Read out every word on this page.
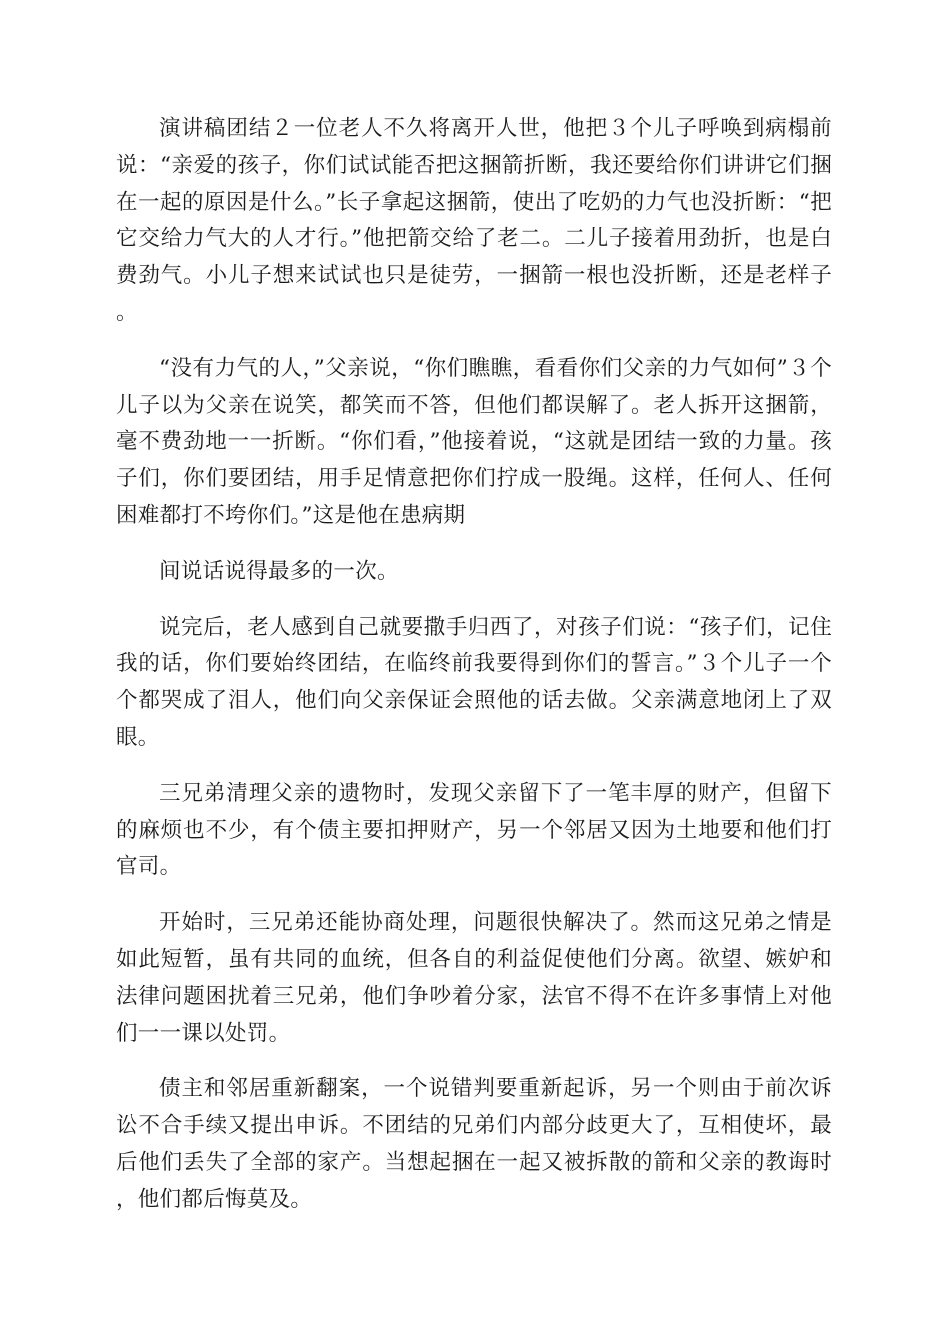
演讲稿团结２一位老人不久将离开人世，他把３个儿子呼唤到病榻前说：“亲爱的孩子，你们试试能否把这捆箭折断，我还要给你们讲讲它们捆在一起的原因是什么。”长子拿起这捆箭，使出了吃奶的力气也没折断：“把它交给力气大的人才行。”他把箭交给了老二。二儿子接着用劲折，也是白费劲气。小儿子想来试试也只是徒劳，一捆箭一根也没折断，还是老样子。

“没有力气的人，”父亲说，“你们瞧瞧，看看你们父亲的力气如何”３个儿子以为父亲在说笑，都笑而不答，但他们都误解了。老人拆开这捆箭，毫不费劲地一一折断。“你们看，”他接着说，“这就是团结一致的力量。孩子们，你们要团结，用手足情意把你们拧成一股绳。这样，任何人、任何困难都打不垮你们。”这是他在患病期

间说话说得最多的一次。

说完后，老人感到自己就要撒手归西了，对孩子们说：“孩子们，记住我的话，你们要始终团结，在临终前我要得到你们的誓言。”３个儿子一个个都哭成了泪人，他们向父亲保证会照他的话去做。父亲满意地闭上了双眼。

三兄弟清理父亲的遗物时，发现父亲留下了一笔丰厚的财产，但留下的麻烦也不少，有个债主要扣押财产，另一个邻居又因为土地要和他们打官司。

开始时，三兄弟还能协商处理，问题很快解决了。然而这兄弟之情是如此短暂，虽有共同的血统，但各自的利益促使他们分离。欲望、嫉妒和法律问题困扰着三兄弟，他们争吵着分家，法官不得不在许多事情上对他们一一课以处罚。

债主和邻居重新翻案，一个说错判要重新起诉，另一个则由于前次诉讼不合手续又提出申诉。不团结的兄弟们内部分歧更大了，互相使坏，最后他们丢失了全部的家产。当想起捆在一起又被拆散的箭和父亲的教诲时，他们都后悔莫及。
